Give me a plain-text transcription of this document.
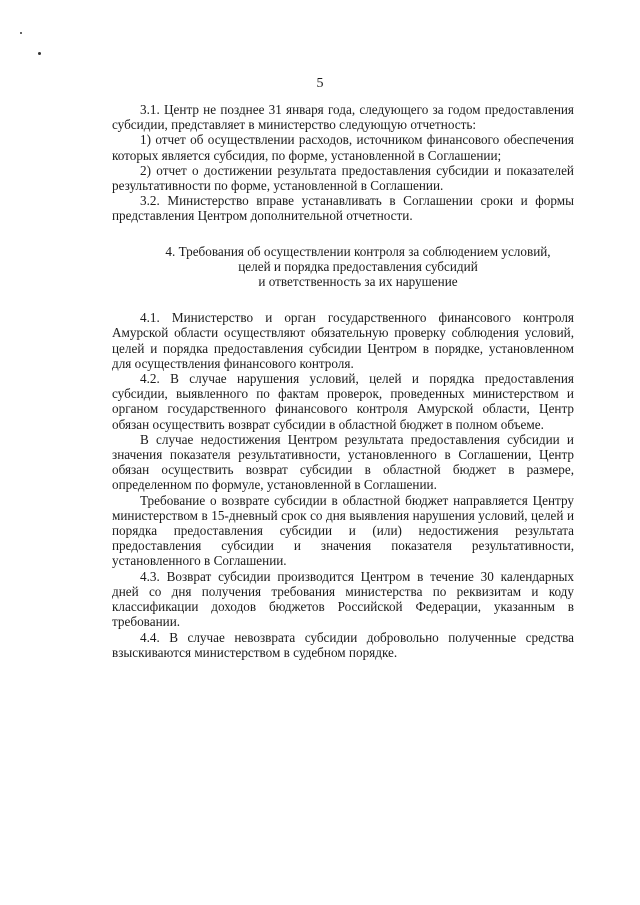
5

3.1. Центр не позднее 31 января года, следующего за годом предоставления субсидии, представляет в министерство следующую отчетность:

1) отчет об осуществлении расходов, источником финансового обеспечения которых является субсидия, по форме, установленной в Соглашении;

2) отчет о достижении результата предоставления субсидии и показателей результативности по форме, установленной в Соглашении.

3.2. Министерство вправе устанавливать в Соглашении сроки и формы представления Центром дополнительной отчетности.

4. Требования об осуществлении контроля за соблюдением условий,
целей и порядка предоставления субсидий
и ответственность за их нарушение

4.1. Министерство и орган государственного финансового контроля Амурской области осуществляют обязательную проверку соблюдения условий, целей и порядка предоставления субсидии Центром в порядке, установленном для осуществления финансового контроля.

4.2. В случае нарушения условий, целей и порядка предоставления субсидии, выявленного по фактам проверок, проведенных министерством и органом государственного финансового контроля Амурской области, Центр обязан осуществить возврат субсидии в областной бюджет в полном объеме.

В случае недостижения Центром результата предоставления субсидии и значения показателя результативности, установленного в Соглашении, Центр обязан осуществить возврат субсидии в областной бюджет в размере, определенном по формуле, установленной в Соглашении.

Требование о возврате субсидии в областной бюджет направляется Центру министерством в 15-дневный срок со дня выявления нарушения условий, целей и порядка предоставления субсидии и (или) недостижения результата предоставления субсидии и значения показателя результативности, установленного в Соглашении.

4.3. Возврат субсидии производится Центром в течение 30 календарных дней со дня получения требования министерства по реквизитам и коду классификации доходов бюджетов Российской Федерации, указанным в требовании.

4.4. В случае невозврата субсидии добровольно полученные средства взыскиваются министерством в судебном порядке.
